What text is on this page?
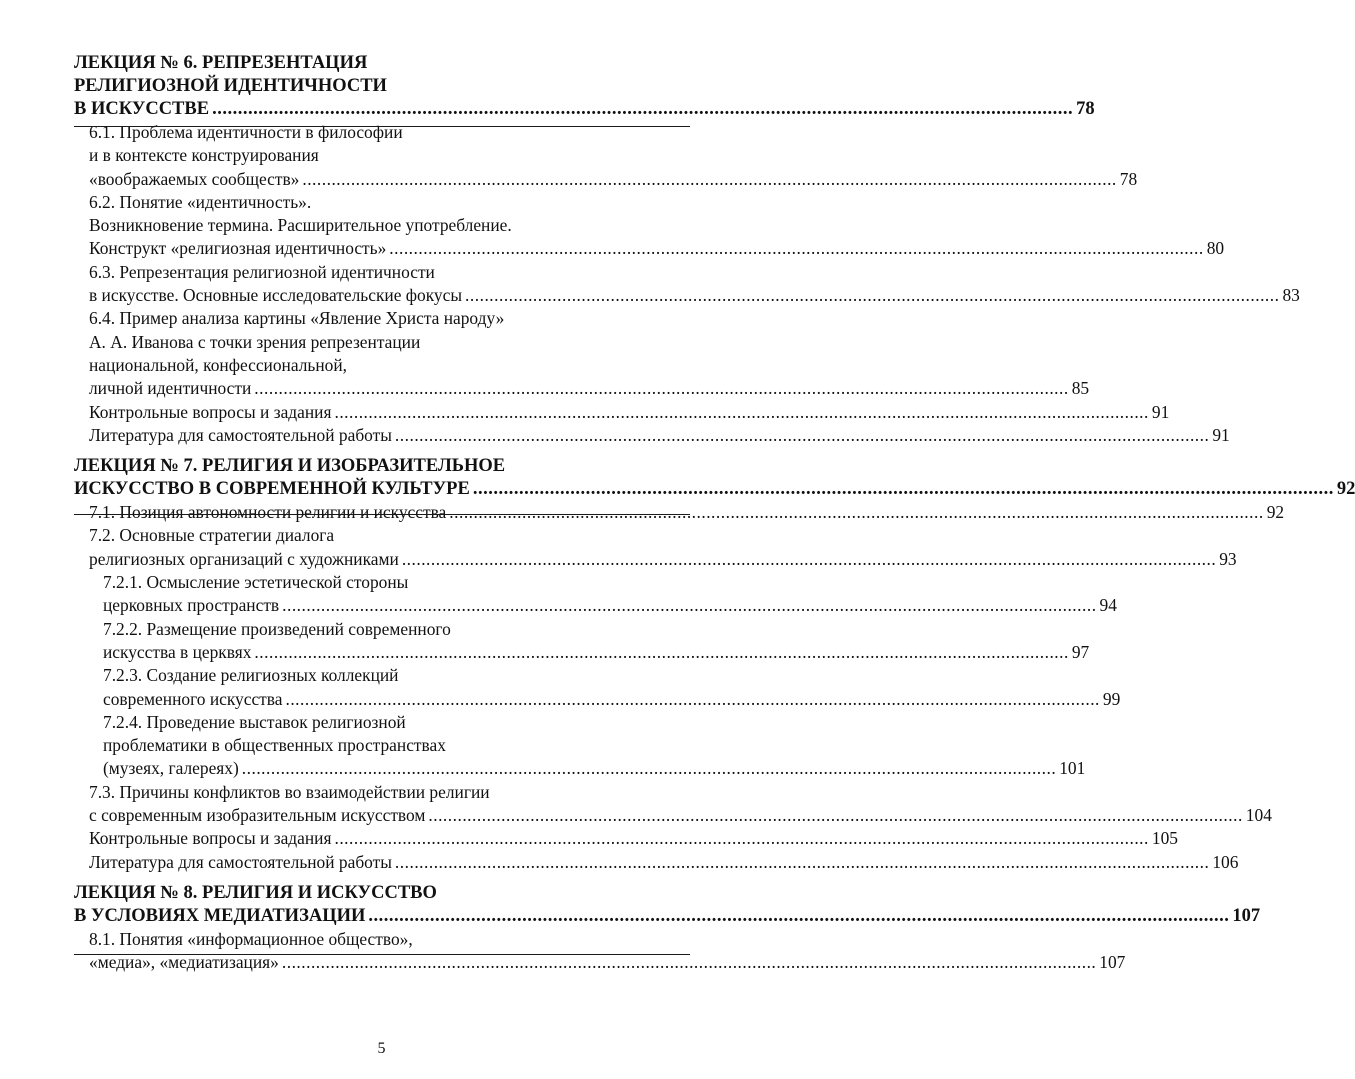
ЛЕКЦИЯ № 6. РЕПРЕЗЕНТАЦИЯ
РЕЛИГИОЗНОЙ ИДЕНТИЧНОСТИ
В ИСКУССТВЕ ........................................................................................................................................................................ 78
6.1. Проблема идентичности в философии
и в контексте конструирования
«воображаемых сообществ» ........................................................................................................................................................................ 78
6.2. Понятие «идентичность».
Возникновение термина. Расширительное употребление.
Конструкт «религиозная идентичность» ........................................................................................................................................................................ 80
6.3. Репрезентация религиозной идентичности
в искусстве. Основные исследовательские фокусы ........................................................................................................................................................................ 83
6.4. Пример анализа картины «Явление Христа народу»
А. А. Иванова с точки зрения репрезентации
национальной, конфессиональной,
личной идентичности ........................................................................................................................................................................ 85
Контрольные вопросы и задания ........................................................................................................................................................................ 91
Литература для самостоятельной работы ........................................................................................................................................................................ 91
ЛЕКЦИЯ № 7. РЕЛИГИЯ И ИЗОБРАЗИТЕЛЬНОЕ
ИСКУССТВО В СОВРЕМЕННОЙ КУЛЬТУРЕ ........................................................................................................................................................................ 92
7.1. Позиция автономности религии и искусства ........................................................................................................................................................................ 92
7.2. Основные стратегии диалога
религиозных организаций с художниками ........................................................................................................................................................................ 93
7.2.1. Осмысление эстетической стороны
церковных пространств ........................................................................................................................................................................ 94
7.2.2. Размещение произведений современного
искусства в церквях ........................................................................................................................................................................ 97
7.2.3. Создание религиозных коллекций
современного искусства ........................................................................................................................................................................ 99
7.2.4. Проведение выставок религиозной
проблематики в общественных пространствах
(музеях, галереях) ........................................................................................................................................................................ 101
7.3. Причины конфликтов во взаимодействии религии
с современным изобразительным искусством ........................................................................................................................................................................ 104
Контрольные вопросы и задания ........................................................................................................................................................................ 105
Литература для самостоятельной работы ........................................................................................................................................................................ 106
ЛЕКЦИЯ № 8. РЕЛИГИЯ И ИСКУССТВО
В УСЛОВИЯХ МЕДИАТИЗАЦИИ ........................................................................................................................................................................ 107
8.1. Понятия «информационное общество»,
«медиа», «медиатизация» ........................................................................................................................................................................ 107
5
